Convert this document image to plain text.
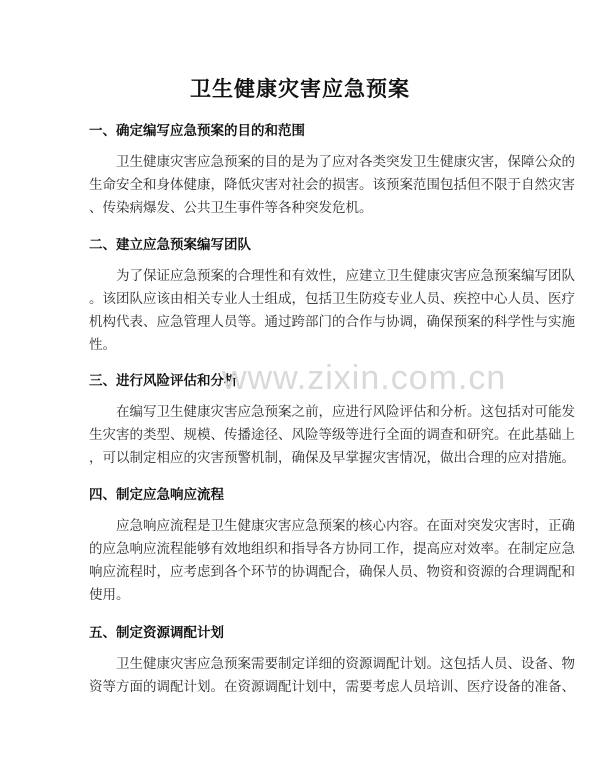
卫生健康灾害应急预案
一、确定编写应急预案的目的和范围
卫生健康灾害应急预案的目的是为了应对各类突发卫生健康灾害，保障公众的
生命安全和身体健康，降低灾害对社会的损害。该预案范围包括但不限于自然灾害
、传染病爆发、公共卫生事件等各种突发危机。
二、建立应急预案编写团队
为了保证应急预案的合理性和有效性，应建立卫生健康灾害应急预案编写团队
。该团队应该由相关专业人士组成，包括卫生防疫专业人员、疾控中心人员、医疗
机构代表、应急管理人员等。通过跨部门的合作与协调，确保预案的科学性与实施
性。
三、进行风险评估和分析
在编写卫生健康灾害应急预案之前，应进行风险评估和分析。这包括对可能发
生灾害的类型、规模、传播途径、风险等级等进行全面的调查和研究。在此基础上
，可以制定相应的灾害预警机制，确保及早掌握灾害情况，做出合理的应对措施。
四、制定应急响应流程
应急响应流程是卫生健康灾害应急预案的核心内容。在面对突发灾害时，正确
的应急响应流程能够有效地组织和指导各方协同工作，提高应对效率。在制定应急
响应流程时，应考虑到各个环节的协调配合，确保人员、物资和资源的合理调配和
使用。
五、制定资源调配计划
卫生健康灾害应急预案需要制定详细的资源调配计划。这包括人员、设备、物
资等方面的调配计划。在资源调配计划中，需要考虑人员培训、医疗设备的准备、
www.zixin.com.cn
